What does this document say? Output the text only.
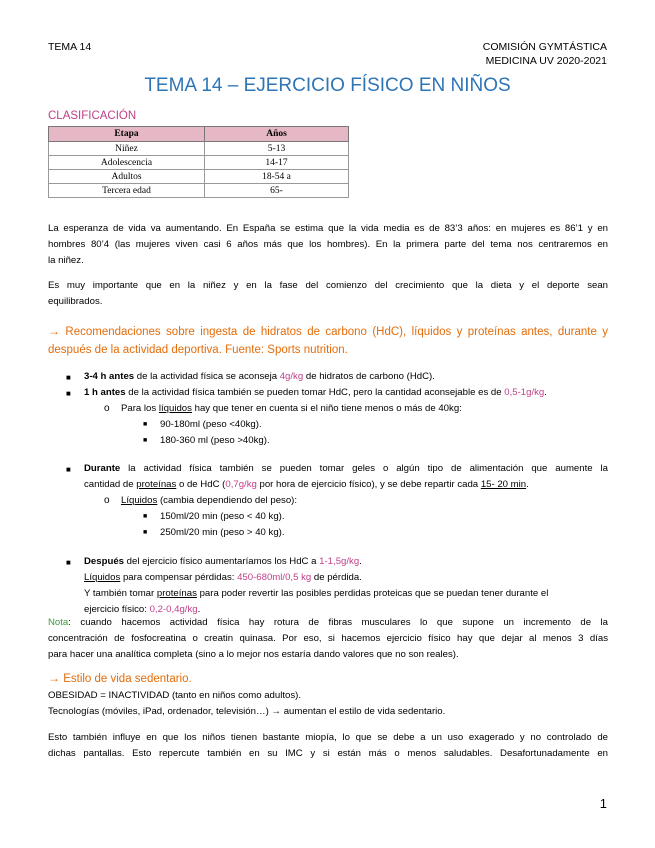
TEMA 14	COMISIÓN GYMTÁSTICA
MEDICINA UV 2020-2021
TEMA 14 – EJERCICIO FÍSICO EN NIÑOS
CLASIFICACIÓN
Etapa	Años
Niñez	5-13
Adolescencia	14-17
Adultos	18-54 a
Tercera edad	65-
La esperanza de vida va aumentando. En España se estima que la vida media es de 83’3 años: en mujeres es 86’1 y en
hombres 80’4 (las mujeres viven casi 6 años más que los hombres). En la primera parte del tema nos centraremos en
la niñez.
Es muy importante que en la niñez y en la fase del comienzo del crecimiento que la dieta y el deporte sean
equilibrados.
→ Recomendaciones sobre ingesta de hidratos de carbono (HdC), líquidos y proteínas antes, durante y
después de la actividad deportiva. Fuente: Sports nutrition.
■ 3-4 h antes de la actividad física se aconseja 4g/kg de hidratos de carbono (HdC).
■ 1 h antes de la actividad física también se pueden tomar HdC, pero la cantidad aconsejable es de 0,5-1g/kg.
o Para los líquidos hay que tener en cuenta si el niño tiene menos o más de 40kg:
■ 90-180ml (peso <40kg).
■ 180-360 ml (peso >40kg).
■ Durante la actividad física también se pueden tomar geles o algún tipo de alimentación que aumente la
cantidad de proteínas o de HdC (0,7g/kg por hora de ejercicio físico), y se debe repartir cada 15- 20 min.
o Líquidos (cambia dependiendo del peso):
■ 150ml/20 min (peso < 40 kg).
■ 250ml/20 min (peso > 40 kg).
■ Después del ejercicio físico aumentaríamos los HdC a 1-1,5g/kg.
Líquidos para compensar pérdidas: 450-680ml/0,5 kg de pérdida.
Y también tomar proteínas para poder revertir las posibles perdidas proteicas que se puedan tener durante el
ejercicio físico: 0,2-0,4g/kg.
Nota: cuando hacemos actividad física hay rotura de fibras musculares lo que supone un incremento de la
concentración de fosfocreatina o creatin quinasa. Por eso, si hacemos ejercicio físico hay que dejar al menos 3 días
para hacer una analítica completa (sino a lo mejor nos estaría dando valores que no son reales).
→ Estilo de vida sedentario.
OBESIDAD = INACTIVIDAD (tanto en niños como adultos).
Tecnologías (móviles, iPad, ordenador, televisión…) → aumentan el estilo de vida sedentario.
Esto también influye en que los niños tienen bastante miopía, lo que se debe a un uso exagerado y no controlado de
dichas pantallas. Esto repercute también en su IMC y si están más o menos saludables. Desafortunadamente en
1
